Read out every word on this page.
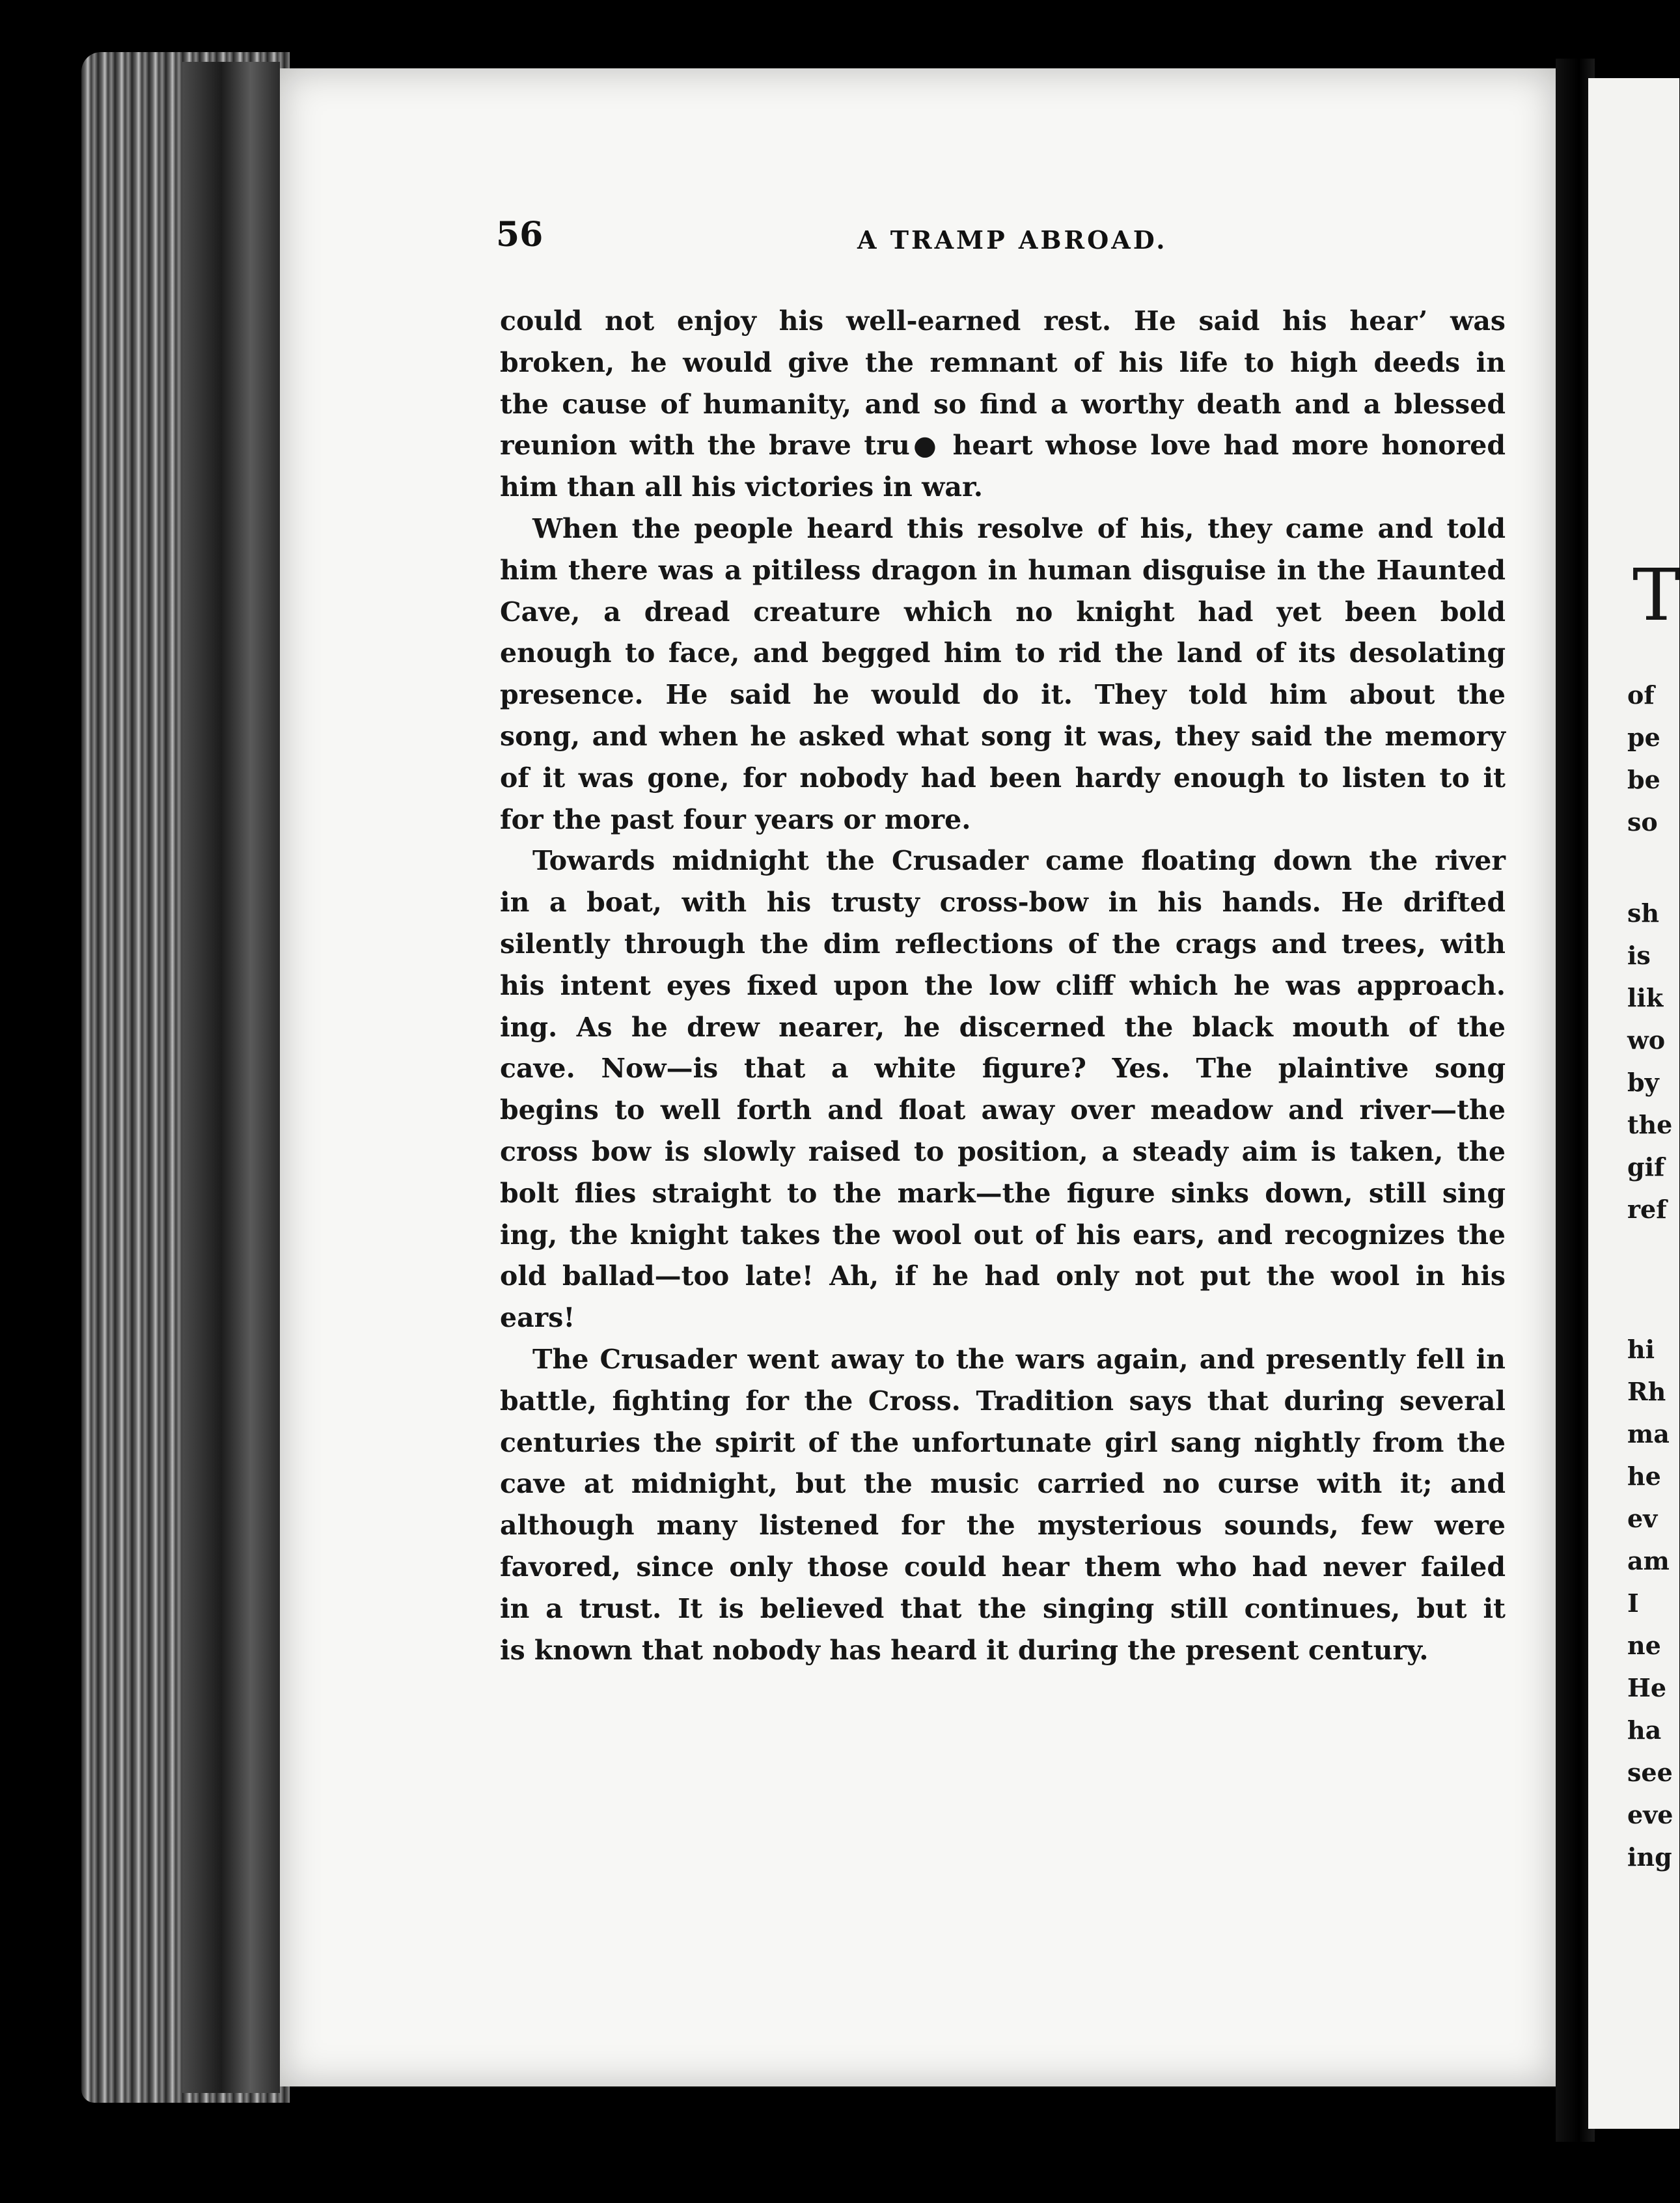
56	A TRAMP ABROAD.
could not enjoy his well-earned rest. He said his hear’ was
broken, he would give the remnant of his life to high deeds in
the cause of humanity, and so find a worthy death and a blessed
reunion with the brave tru● heart whose love had more honored
him than all his victories in war.
When the people heard this resolve of his, they came and told
him there was a pitiless dragon in human disguise in the Haunted
Cave, a dread creature which no knight had yet been bold
enough to face, and begged him to rid the land of its desolating
presence. He said he would do it. They told him about the
song, and when he asked what song it was, they said the memory
of it was gone, for nobody had been hardy enough to listen to it
for the past four years or more.
Towards midnight the Crusader came floating down the river
in a boat, with his trusty cross-bow in his hands. He drifted
silently through the dim reflections of the crags and trees, with
his intent eyes fixed upon the low cliff which he was approach.
ing. As he drew nearer, he discerned the black mouth of the
cave. Now—is that a white figure? Yes. The plaintive song
begins to well forth and float away over meadow and river—the
cross bow is slowly raised to position, a steady aim is taken, the
bolt flies straight to the mark—the figure sinks down, still sing
ing, the knight takes the wool out of his ears, and recognizes the
old ballad—too late! Ah, if he had only not put the wool in his
ears!
The Crusader went away to the wars again, and presently fell in
battle, fighting for the Cross. Tradition says that during several
centuries the spirit of the unfortunate girl sang nightly from the
cave at midnight, but the music carried no curse with it; and
although many listened for the mysterious sounds, few were
favored, since only those could hear them who had never failed
in a trust. It is believed that the singing still continues, but it
is known that nobody has heard it during the present century.
T
of
pe
be
so
sh
is
lik
wo
by
the
gif
ref
hi
Rh
ma
he
ev
am
I
ne
He
ha
see
eve
ing
